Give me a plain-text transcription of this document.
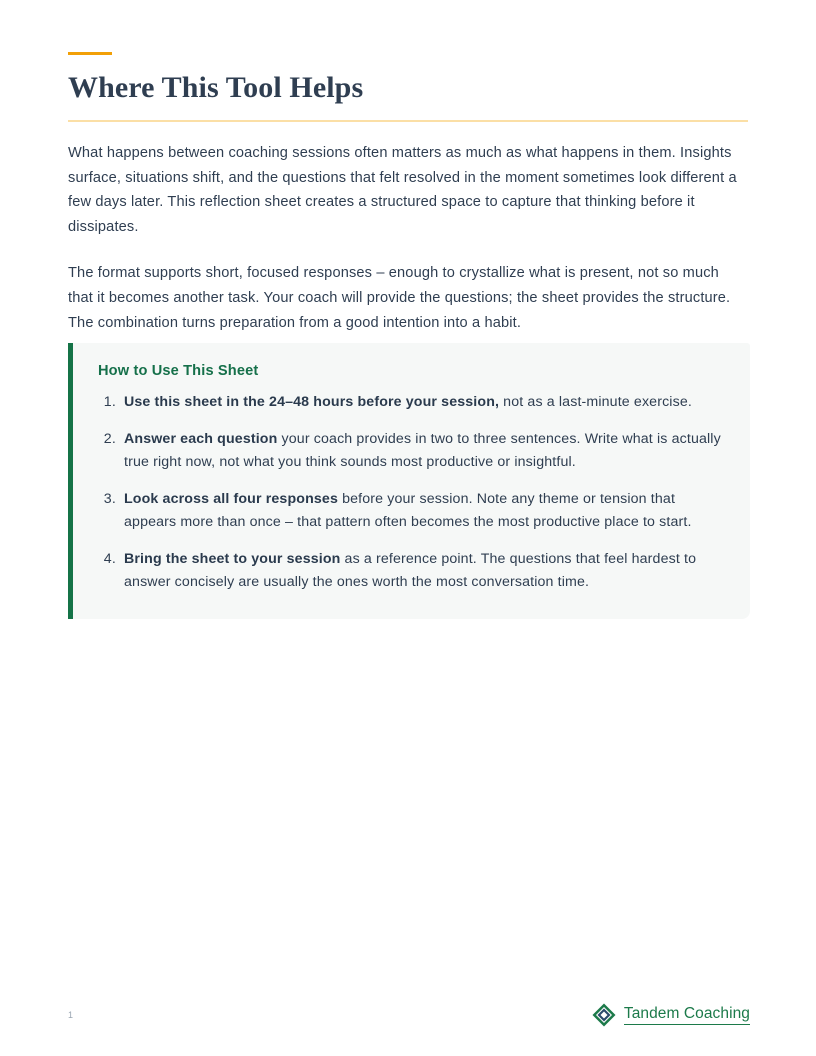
Where This Tool Helps

What happens between coaching sessions often matters as much as what happens in them. Insights surface, situations shift, and the questions that felt resolved in the moment sometimes look different a few days later. This reflection sheet creates a structured space to capture that thinking before it dissipates.

The format supports short, focused responses – enough to crystallize what is present, not so much that it becomes another task. Your coach will provide the questions; the sheet provides the structure. The combination turns preparation from a good intention into a habit.

How to Use This Sheet
1. Use this sheet in the 24–48 hours before your session, not as a last-minute exercise.
2. Answer each question your coach provides in two to three sentences. Write what is actually true right now, not what you think sounds most productive or insightful.
3. Look across all four responses before your session. Note any theme or tension that appears more than once – that pattern often becomes the most productive place to start.
4. Bring the sheet to your session as a reference point. The questions that feel hardest to answer concisely are usually the ones worth the most conversation time.
1	Tandem Coaching
